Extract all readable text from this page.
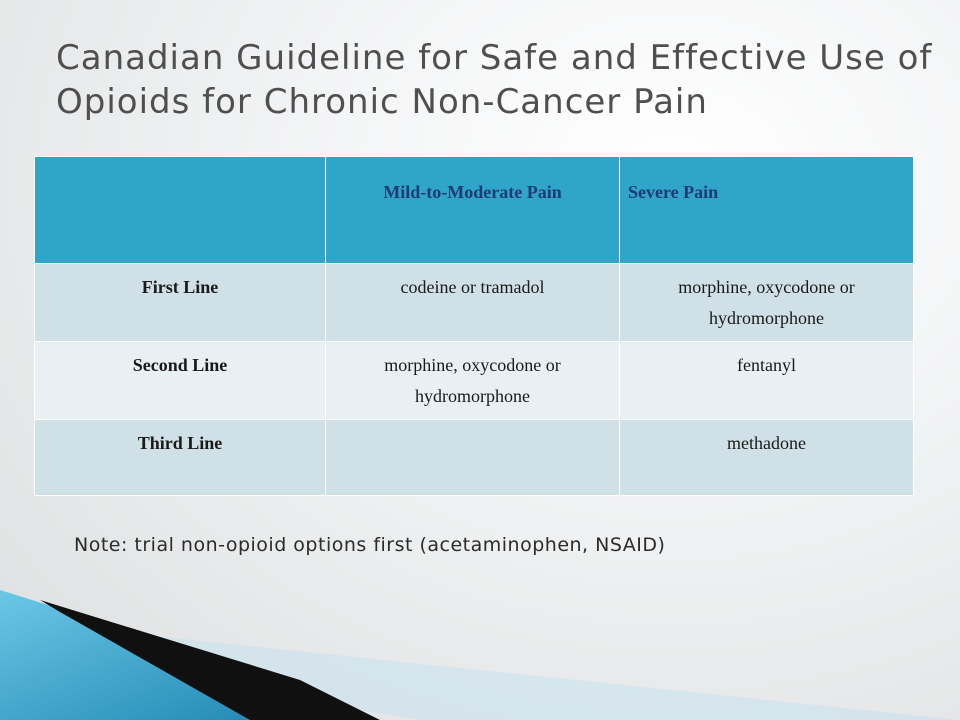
Canadian Guideline for Safe and Effective Use of Opioids for Chronic Non-Cancer Pain
	Mild-to-Moderate Pain	Severe Pain
First Line	codeine or tramadol	morphine, oxycodone or hydromorphone
Second Line	morphine, oxycodone or hydromorphone	fentanyl
Third Line		methadone
Note: trial non-opioid options first (acetaminophen, NSAID)
